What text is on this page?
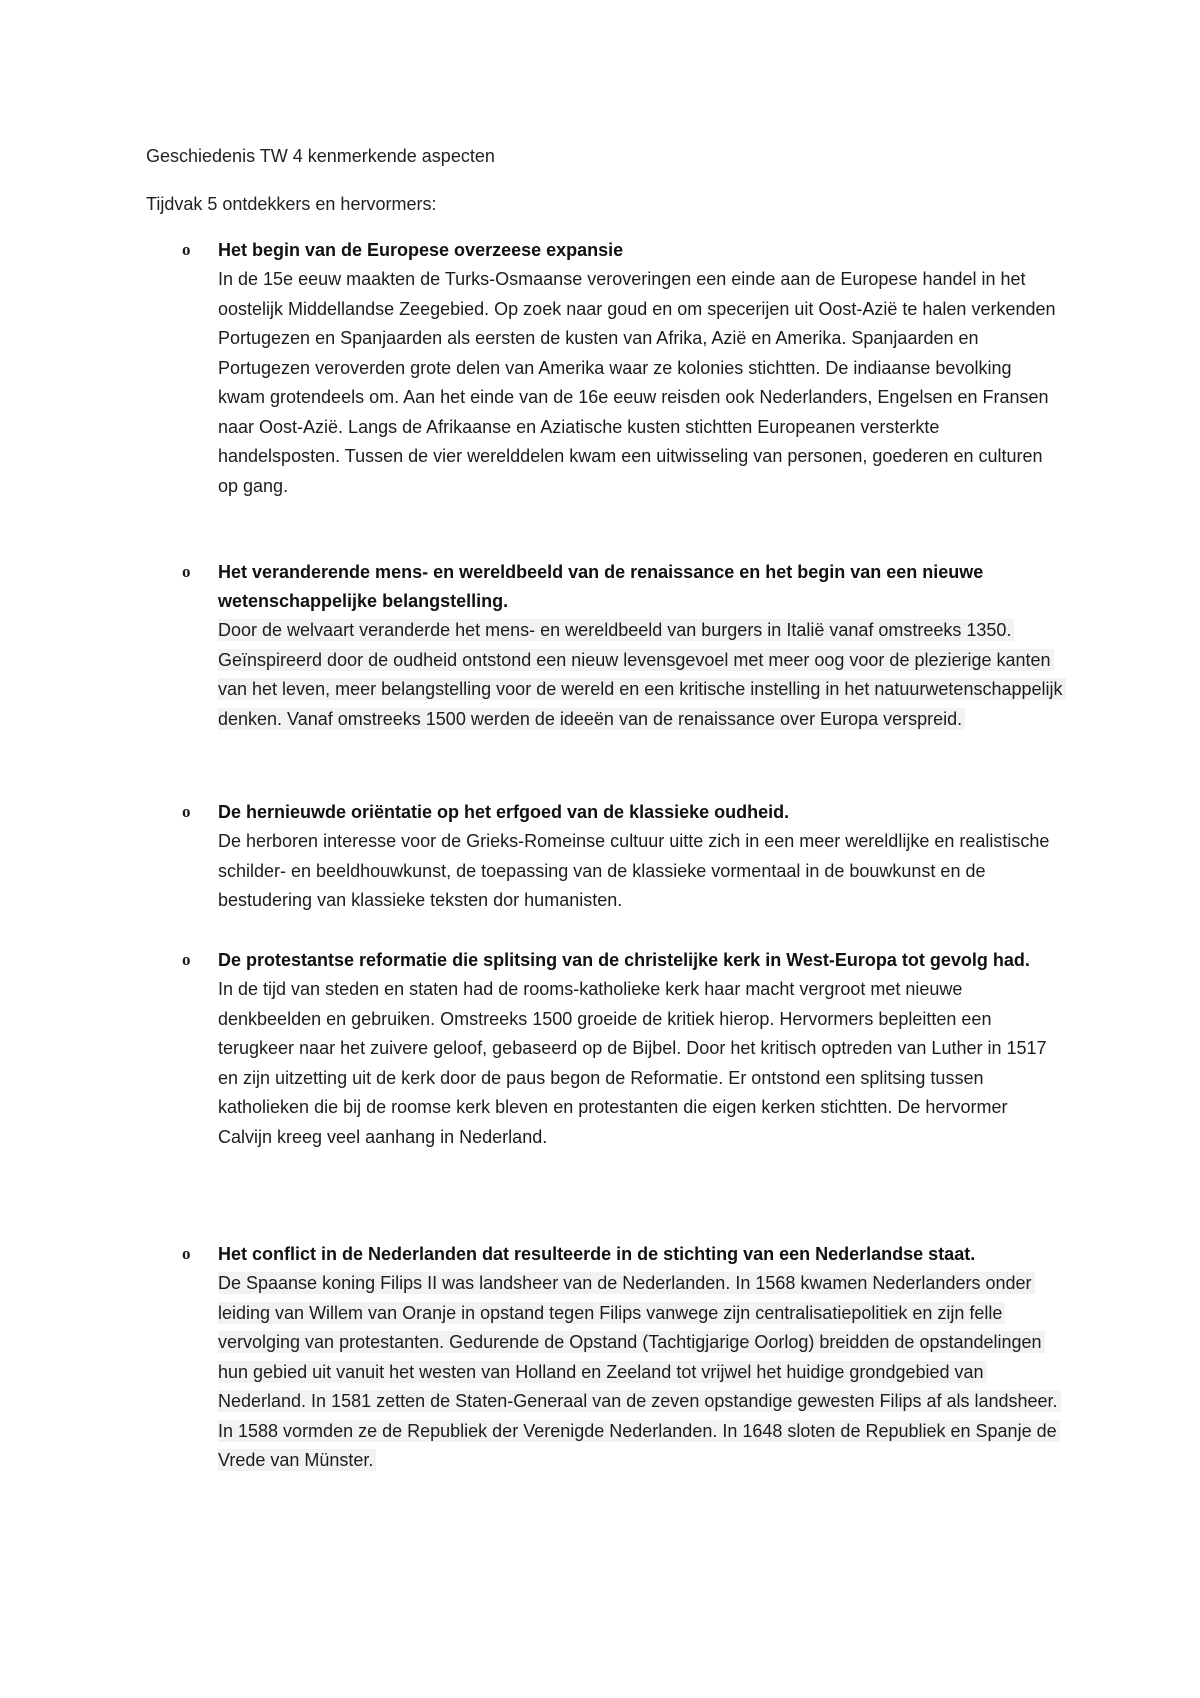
Geschiedenis TW 4 kenmerkende aspecten
Tijdvak 5 ontdekkers en hervormers:
o Het begin van de Europese overzeese expansie

In de 15e eeuw maakten de Turks-Osmaanse veroveringen een einde aan de Europese handel in het oostelijk Middellandse Zeegebied. Op zoek naar goud en om specerijen uit Oost-Azië te halen verkenden Portugezen en Spanjaarden als eersten de kusten van Afrika, Azië en Amerika. Spanjaarden en Portugezen veroverden grote delen van Amerika waar ze kolonies stichtten. De indiaanse bevolking kwam grotendeels om. Aan het einde van de 16e eeuw reisden ook Nederlanders, Engelsen en Fransen naar Oost-Azië. Langs de Afrikaanse en Aziatische kusten stichtten Europeanen versterkte handelsposten. Tussen de vier werelddelen kwam een uitwisseling van personen, goederen en culturen op gang.

o Het veranderende mens- en wereldbeeld van de renaissance en het begin van een nieuwe wetenschappelijke belangstelling.

Door de welvaart veranderde het mens- en wereldbeeld van burgers in Italië vanaf omstreeks 1350. Geïnspireerd door de oudheid ontstond een nieuw levensgevoel met meer oog voor de plezierige kanten van het leven, meer belangstelling voor de wereld en een kritische instelling in het natuurwetenschappelijk denken. Vanaf omstreeks 1500 werden de ideeën van de renaissance over Europa verspreid.

o De hernieuwde oriëntatie op het erfgoed van de klassieke oudheid.

De herboren interesse voor de Grieks-Romeinse cultuur uitte zich in een meer wereldlijke en realistische schilder- en beeldhouwkunst, de toepassing van de klassieke vormentaal in de bouwkunst en de bestudering van klassieke teksten dor humanisten.

o De protestantse reformatie die splitsing van de christelijke kerk in West-Europa tot gevolg had.

In de tijd van steden en staten had de rooms-katholieke kerk haar macht vergroot met nieuwe denkbeelden en gebruiken. Omstreeks 1500 groeide de kritiek hierop. Hervormers bepleitten een terugkeer naar het zuivere geloof, gebaseerd op de Bijbel. Door het kritisch optreden van Luther in 1517 en zijn uitzetting uit de kerk door de paus begon de Reformatie. Er ontstond een splitsing tussen katholieken die bij de roomse kerk bleven en protestanten die eigen kerken stichtten. De hervormer Calvijn kreeg veel aanhang in Nederland.

o Het conflict in de Nederlanden dat resulteerde in de stichting van een Nederlandse staat.

De Spaanse koning Filips II was landsheer van de Nederlanden. In 1568 kwamen Nederlanders onder leiding van Willem van Oranje in opstand tegen Filips vanwege zijn centralisatiepolitiek en zijn felle vervolging van protestanten. Gedurende de Opstand (Tachtigjarige Oorlog) breidden de opstandelingen hun gebied uit vanuit het westen van Holland en Zeeland tot vrijwel het huidige grondgebied van Nederland. In 1581 zetten de Staten-Generaal van de zeven opstandige gewesten Filips af als landsheer. In 1588 vormden ze de Republiek der Verenigde Nederlanden. In 1648 sloten de Republiek en Spanje de Vrede van Münster.
